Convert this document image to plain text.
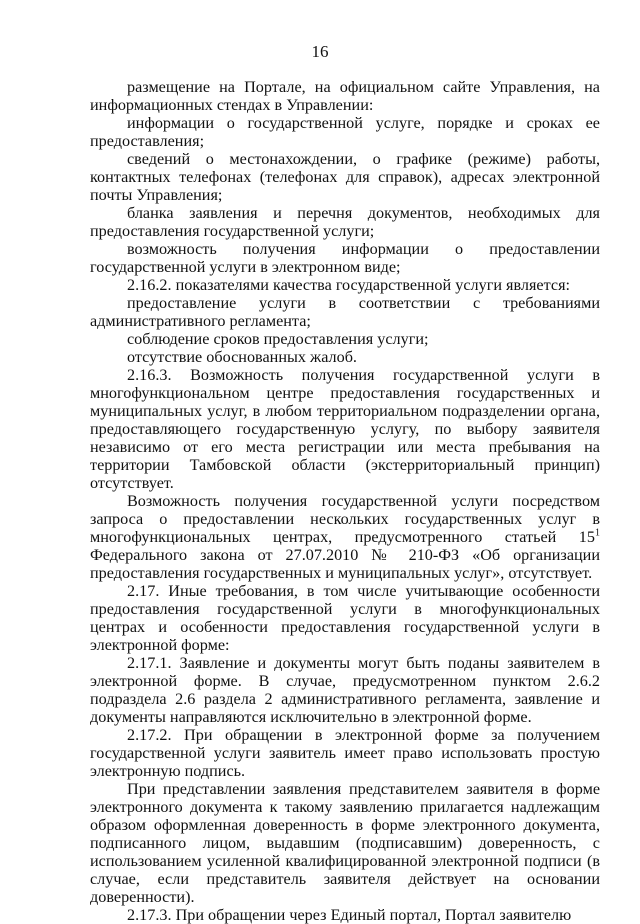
16

размещение на Портале, на официальном сайте Управления, на информационных стендах в Управлении:

информации о государственной услуге, порядке и сроках ее предоставления;

сведений о местонахождении, о графике (режиме) работы, контактных телефонах (телефонах для справок), адресах электронной почты Управления;

бланка заявления и перечня документов, необходимых для предоставления государственной услуги;

возможность получения информации о предоставлении государственной услуги в электронном виде;

2.16.2. показателями качества государственной услуги является:

предоставление услуги в соответствии с требованиями административного регламента;

соблюдение сроков предоставления услуги;

отсутствие обоснованных жалоб.

2.16.3. Возможность получения государственной услуги в многофункциональном центре предоставления государственных и муниципальных услуг, в любом территориальном подразделении органа, предоставляющего государственную услугу, по выбору заявителя независимо от его места регистрации или места пребывания на территории Тамбовской области (экстерриториальный принцип) отсутствует.

Возможность получения государственной услуги посредством запроса о предоставлении нескольких государственных услуг в многофункциональных центрах, предусмотренного статьей $15^1$ Федерального закона от 27.07.2010 № 210-ФЗ «Об организации предоставления государственных и муниципальных услуг», отсутствует.

2.17. Иные требования, в том числе учитывающие особенности предоставления государственной услуги в многофункциональных центрах и особенности предоставления государственной услуги в электронной форме:

2.17.1. Заявление и документы могут быть поданы заявителем в электронной форме. В случае, предусмотренном пунктом 2.6.2 подраздела 2.6 раздела 2 административного регламента, заявление и документы направляются исключительно в электронной форме.

2.17.2. При обращении в электронной форме за получением государственной услуги заявитель имеет право использовать простую электронную подпись.

При представлении заявления представителем заявителя в форме электронного документа к такому заявлению прилагается надлежащим образом оформленная доверенность в форме электронного документа, подписанного лицом, выдавшим (подписавшим) доверенность, с использованием усиленной квалифицированной электронной подписи (в случае, если представитель заявителя действует на основании доверенности).

2.17.3. При обращении через Единый портал, Портал заявителю
